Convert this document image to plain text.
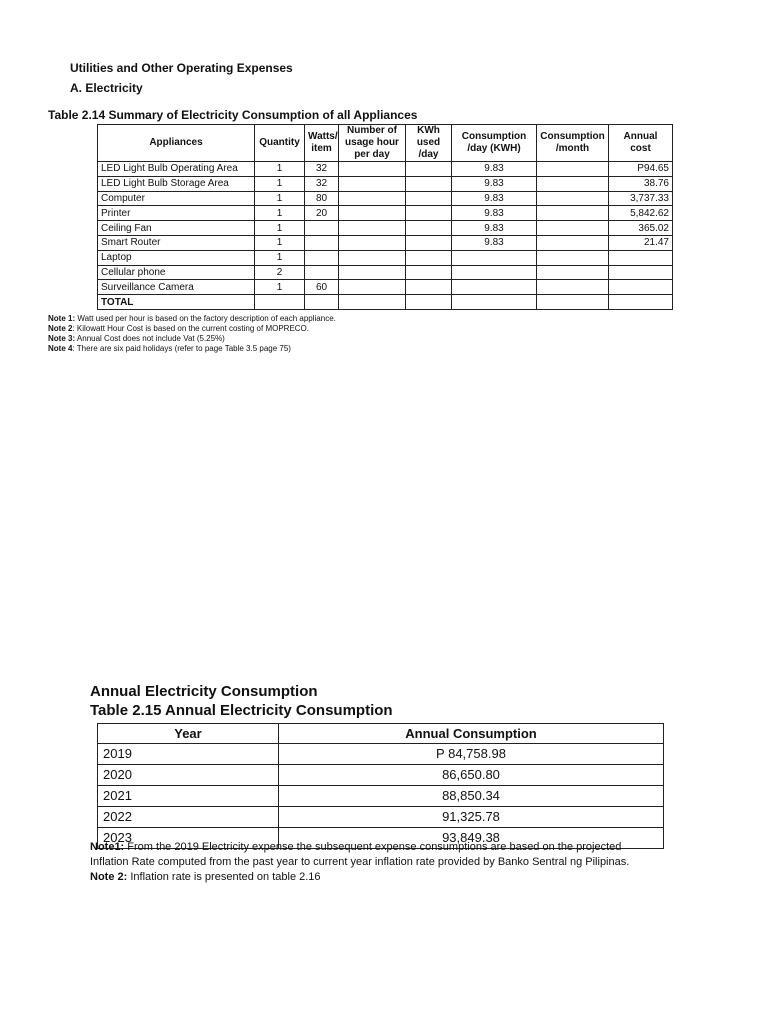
Utilities and Other Operating Expenses
A. Electricity
Table 2.14 Summary of Electricity Consumption of all Appliances
Appliances	Quantity	Watts/ item	Number of usage hour per day	KWh used /day	Consumption /day (KWH)	Consumption /month	Annual cost
LED Light Bulb Operating Area	1	32			9.83		P94.65
LED Light Bulb Storage Area	1	32			9.83		38.76
Computer	1	80			9.83		3,737.33
Printer	1	20			9.83		5,842.62
Ceiling Fan	1				9.83		365.02
Smart Router	1				9.83		21.47
Laptop	1						
Cellular phone	2						
Surveillance Camera	1	60					
TOTAL							
Note 1: Watt used per hour is based on the factory description of each appliance.
Note 2: Kilowatt Hour Cost is based on the current costing of MOPRECO.
Note 3: Annual Cost does not include Vat (5.25%)
Note 4: There are six paid holidays (refer to page Table 3.5 page 75)
Annual Electricity Consumption
Table 2.15 Annual Electricity Consumption
Year	Annual Consumption
2019	P 84,758.98
2020	86,650.80
2021	88,850.34
2022	91,325.78
2023	93,849.38
Note1: From the 2019 Electricity expense the subsequent expense consumptions are based on the projected Inflation Rate computed from the past year to current year inflation rate provided by Banko Sentral ng Pilipinas.
Note 2: Inflation rate is presented on table 2.16
